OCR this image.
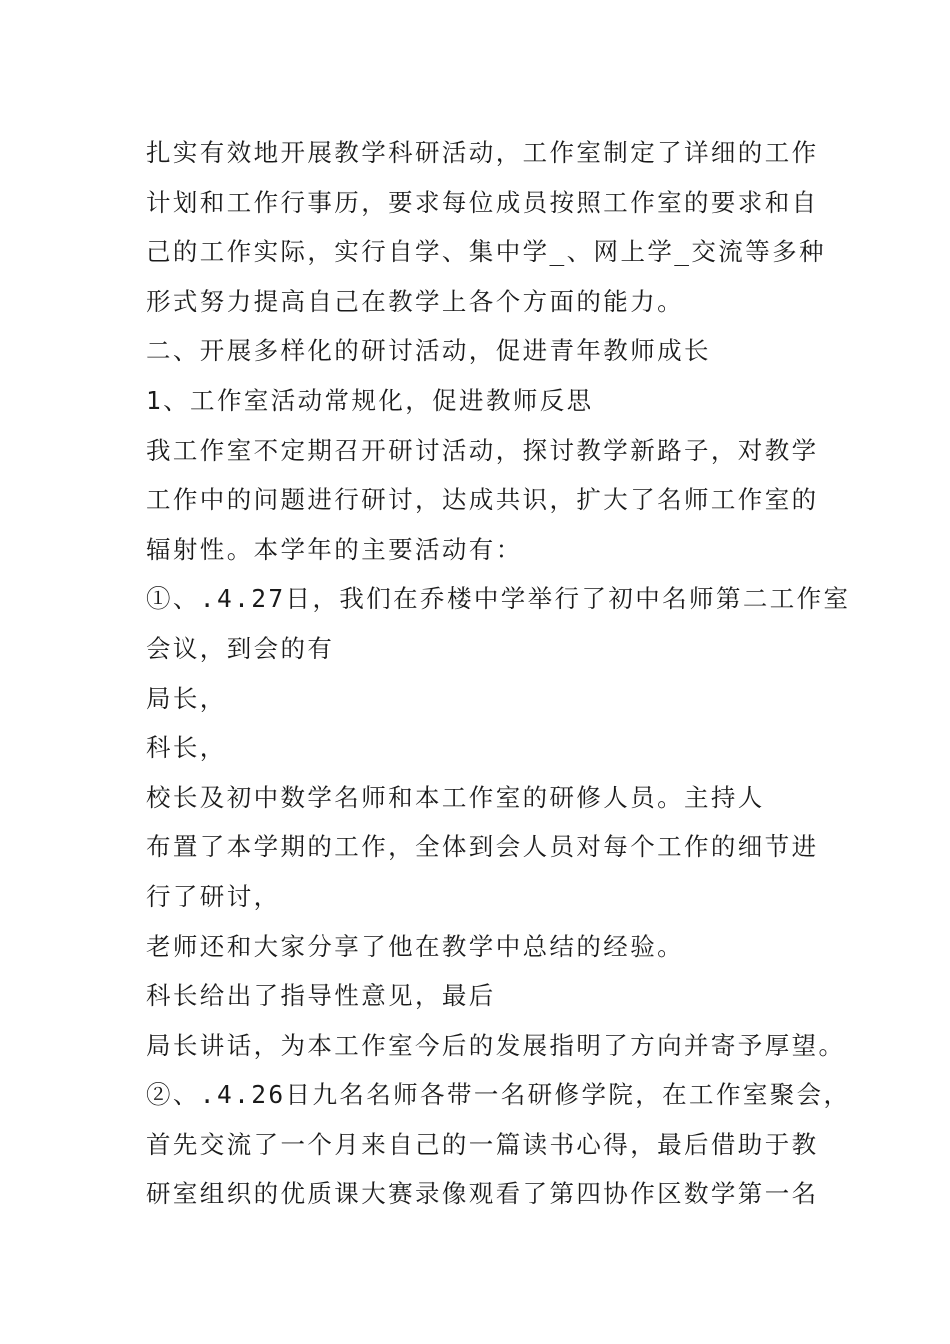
扎实有效地开展教学科研活动，工作室制定了详细的工作
计划和工作行事历，要求每位成员按照工作室的要求和自
己的工作实际，实行自学、集中学_、网上学_交流等多种
形式努力提高自己在教学上各个方面的能力。
二、开展多样化的研讨活动，促进青年教师成长
1、工作室活动常规化，促进教师反思
我工作室不定期召开研讨活动，探讨教学新路子，对教学
工作中的问题进行研讨，达成共识，扩大了名师工作室的
辐射性。本学年的主要活动有：
①、.4.27日，我们在乔楼中学举行了初中名师第二工作室
会议，到会的有
局长，
科长，
校长及初中数学名师和本工作室的研修人员。主持人
布置了本学期的工作，全体到会人员对每个工作的细节进
行了研讨，
老师还和大家分享了他在教学中总结的经验。
科长给出了指导性意见，最后
局长讲话，为本工作室今后的发展指明了方向并寄予厚望。
②、.4.26日九名名师各带一名研修学院，在工作室聚会，
首先交流了一个月来自己的一篇读书心得，最后借助于教
研室组织的优质课大赛录像观看了第四协作区数学第一名
